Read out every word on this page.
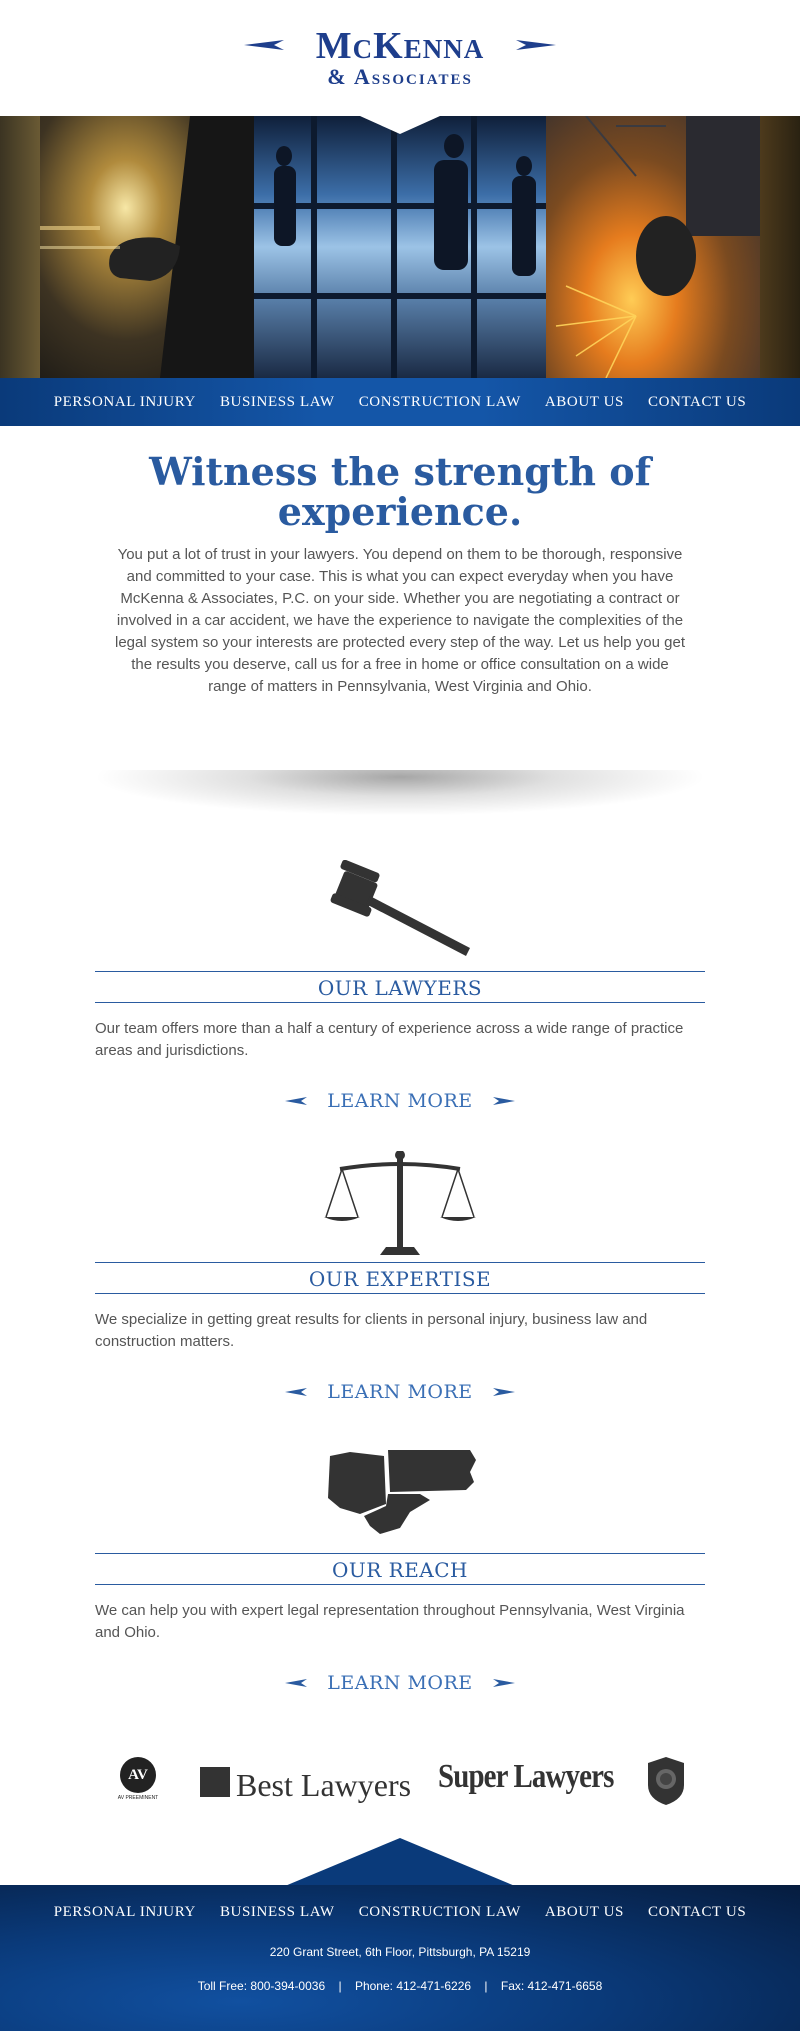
McKenna
& Associates
PERSONAL INJURY	BUSINESS LAW	CONSTRUCTION LAW	ABOUT US	CONTACT US
Witness the strength of experience.

You put a lot of trust in your lawyers. You depend on them to be thorough, responsive and committed to your case. This is what you can expect everyday when you have McKenna & Associates, P.C. on your side. Whether you are negotiating a contract or involved in a car accident, we have the experience to navigate the complexities of the legal system so your interests are protected every step of the way. Let us help you get the results you deserve, call us for a free in home or office consultation on a wide range of matters in Pennsylvania, West Virginia and Ohio.

OUR LAWYERS
Our team offers more than a half a century of experience across a wide range of practice areas and jurisdictions.
LEARN MORE
OUR EXPERTISE
We specialize in getting great results for clients in personal injury, business law and construction matters.
LEARN MORE
OUR REACH
We can help you with expert legal representation throughout Pennsylvania, West Virginia and Ohio.
LEARN MORE
AV
AV PREEMINENT Best Lawyers Super Lawyers
PERSONAL INJURY	BUSINESS LAW	CONSTRUCTION LAW	ABOUT US	CONTACT US
220 Grant Street, 6th Floor, Pittsburgh, PA 15219
Toll Free: 800-394-0036 | Phone: 412-471-6226 | Fax: 412-471-6658
